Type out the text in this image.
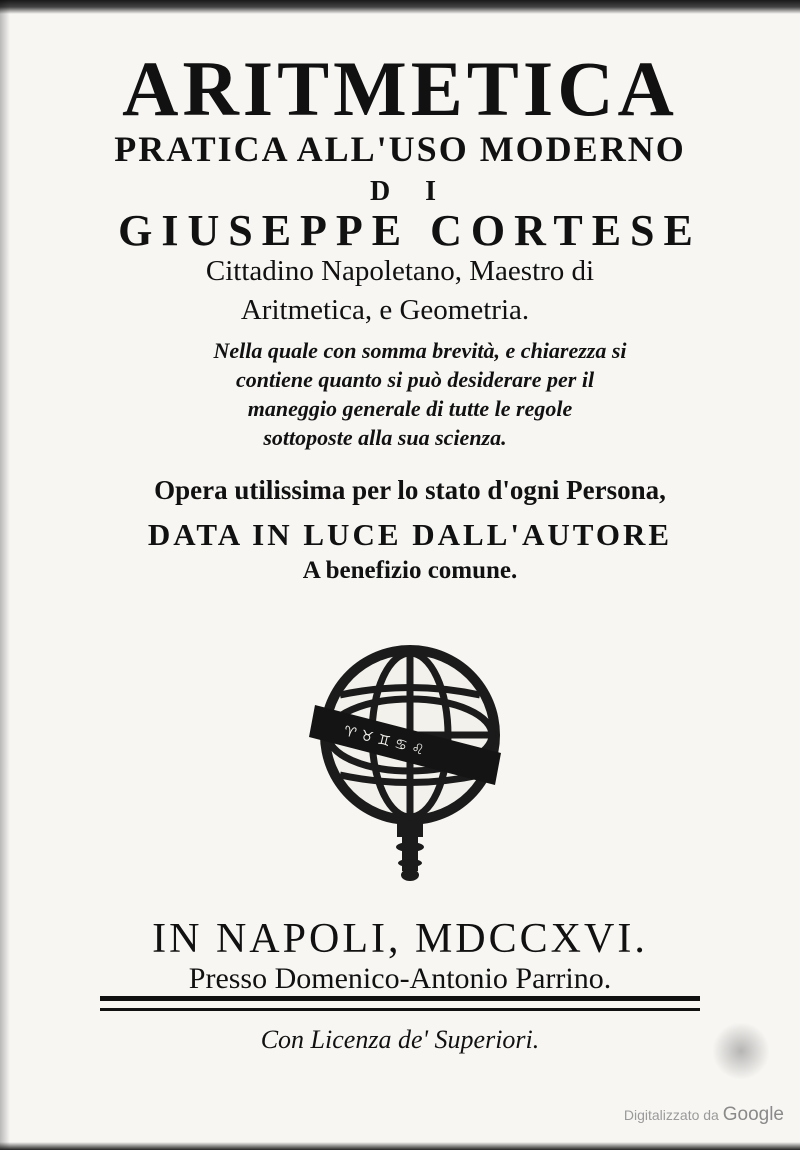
ARITMETICA
PRATICA ALL'USO MODERNO
D I
GIUSEPPE CORTESE
Cittadino Napoletano, Maestro di
Aritmetica, e Geometria.
Nella quale con somma brevità, e chiarezza si
contiene quanto si può desiderare per il
maneggio generale di tutte le regole
sottoposte alla sua scienza.
Opera utilissima per lo stato d'ogni Persona,
DATA IN LUCE DALL'AUTORE
A benefizio comune.
♈ ♉ ♊ ♋ ♌
IN NAPOLI, MDCCXVI.
Presso Domenico-Antonio Parrino.
Con Licenza de' Superiori.
Digitalizzato da Google
